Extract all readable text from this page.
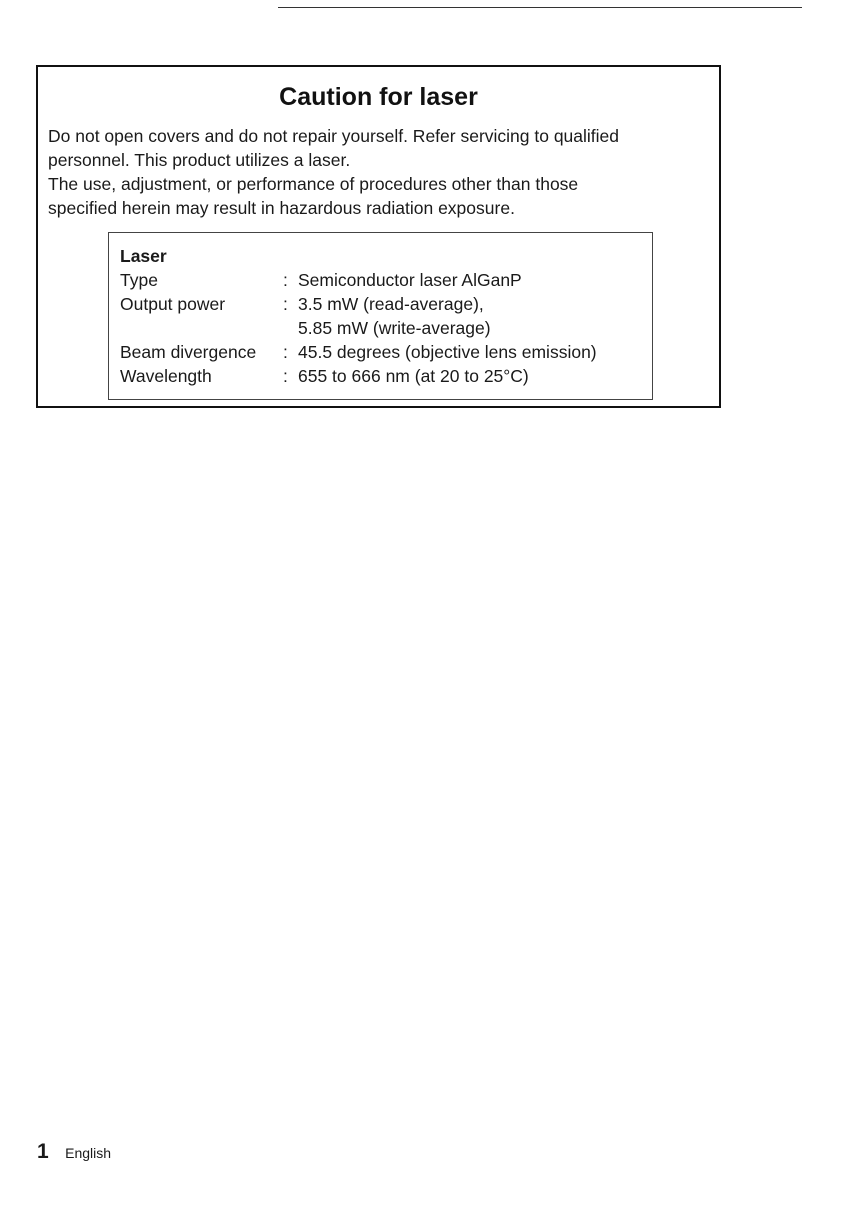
Caution for laser

Do not open covers and do not repair yourself. Refer servicing to qualified
personnel. This product utilizes a laser.
The use, adjustment, or performance of procedures other than those
specified herein may result in hazardous radiation exposure.

Laser
Type	: Semiconductor laser AlGanP
Output power	: 3.5 mW (read-average),
5.85 mW (write-average)
Beam divergence : 45.5 degrees (objective lens emission)
Wavelength	: 655 to 666 nm (at 20 to 25°C)
1 English
